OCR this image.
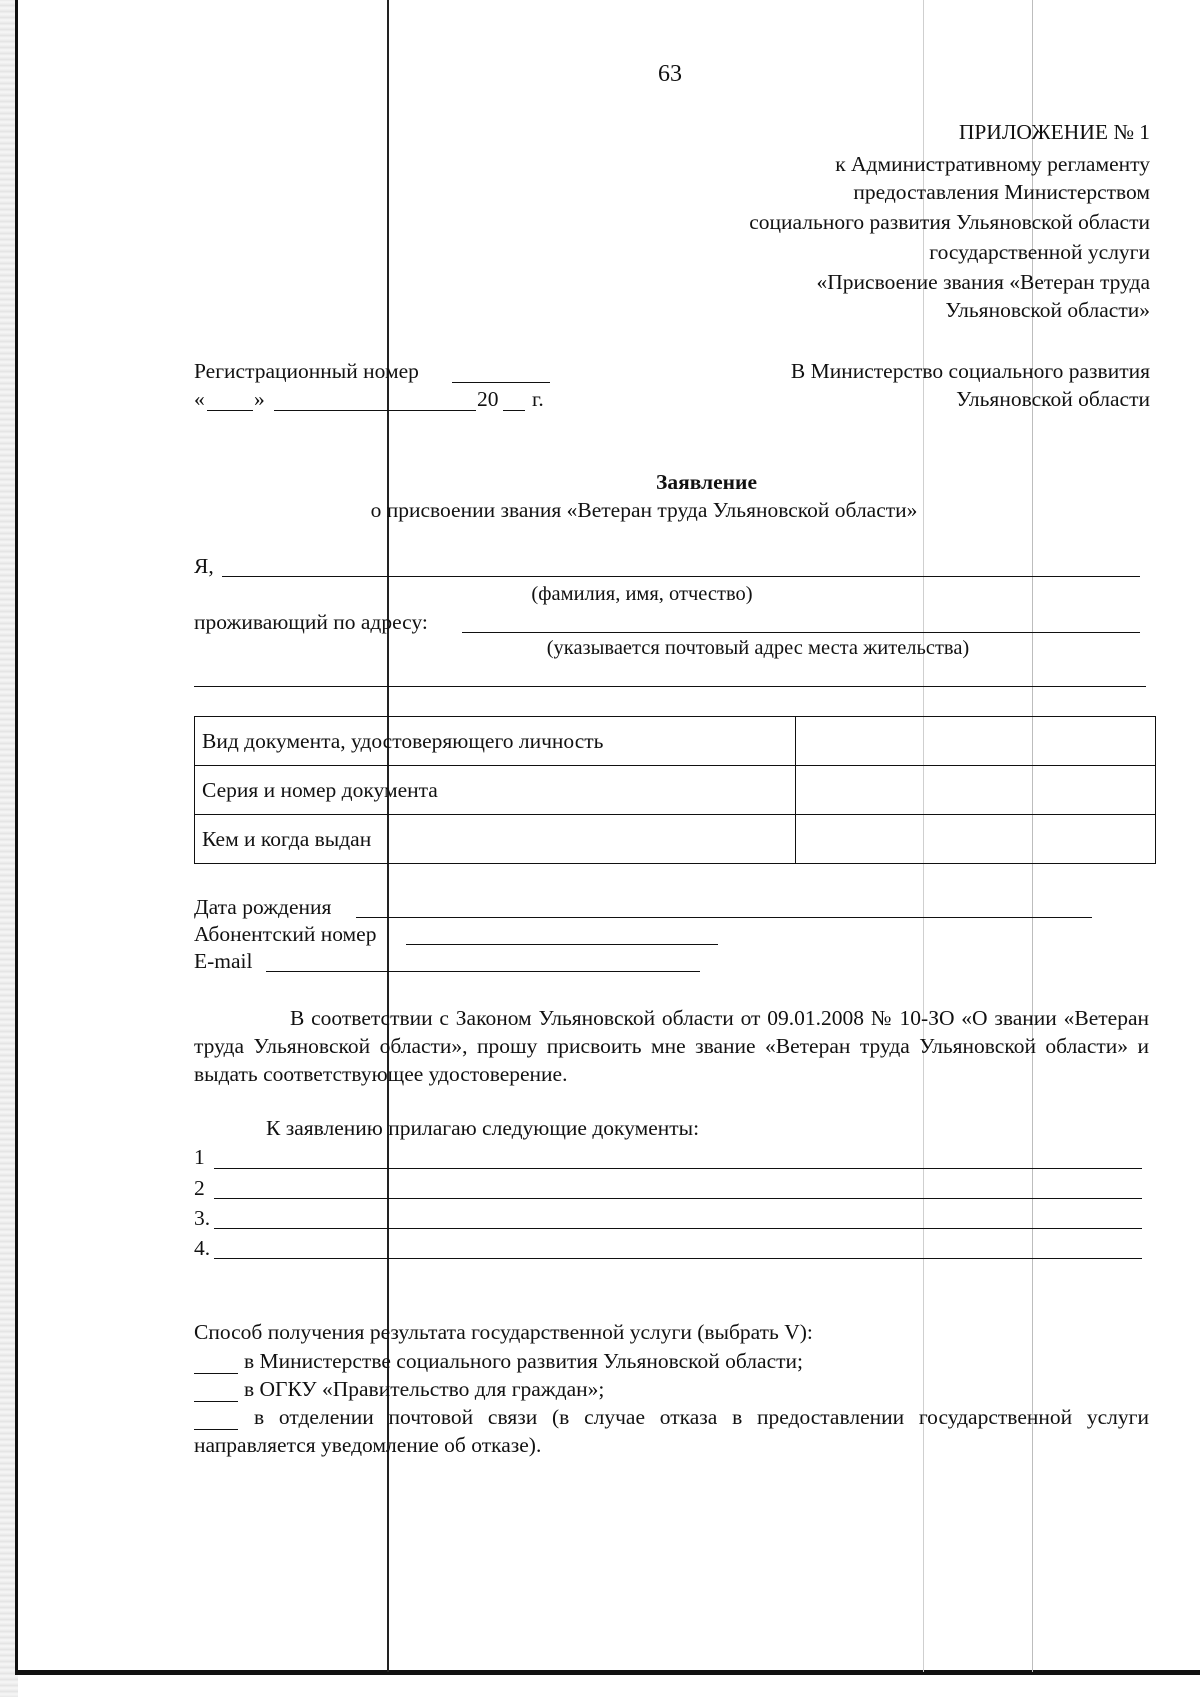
63
ПРИЛОЖЕНИЕ № 1
к Административному регламенту
предоставления Министерством
социального развития Ульяновской области
государственной услуги
«Присвоение звания «Ветеран труда
Ульяновской области»
Регистрационный номер
« »	20 г.
В Министерство социального развития
Ульяновской области
Заявление
о присвоении звания «Ветеран труда Ульяновской области»
Я,
(фамилия, имя, отчество)
проживающий по адресу:
(указывается почтовый адрес места жительства)
Вид документа, удостоверяющего личность	
Серия и номер документа	
Кем и когда выдан	
Дата рождения
Абонентский номер
E-mail
В соответствии с Законом Ульяновской области от 09.01.2008 № 10-ЗО «О звании «Ветеран труда Ульяновской области», прошу присвоить мне звание «Ветеран труда Ульяновской области» и выдать соответствующее удостоверение.
К заявлению прилагаю следующие документы:
1
2
3.
4.
Способ получения результата государственной услуги (выбрать V):
в Министерстве социального развития Ульяновской области;
в ОГКУ «Правительство для граждан»;
в отделении почтовой связи (в случае отказа в предоставлении государственной услуги направляется уведомление об отказе).
